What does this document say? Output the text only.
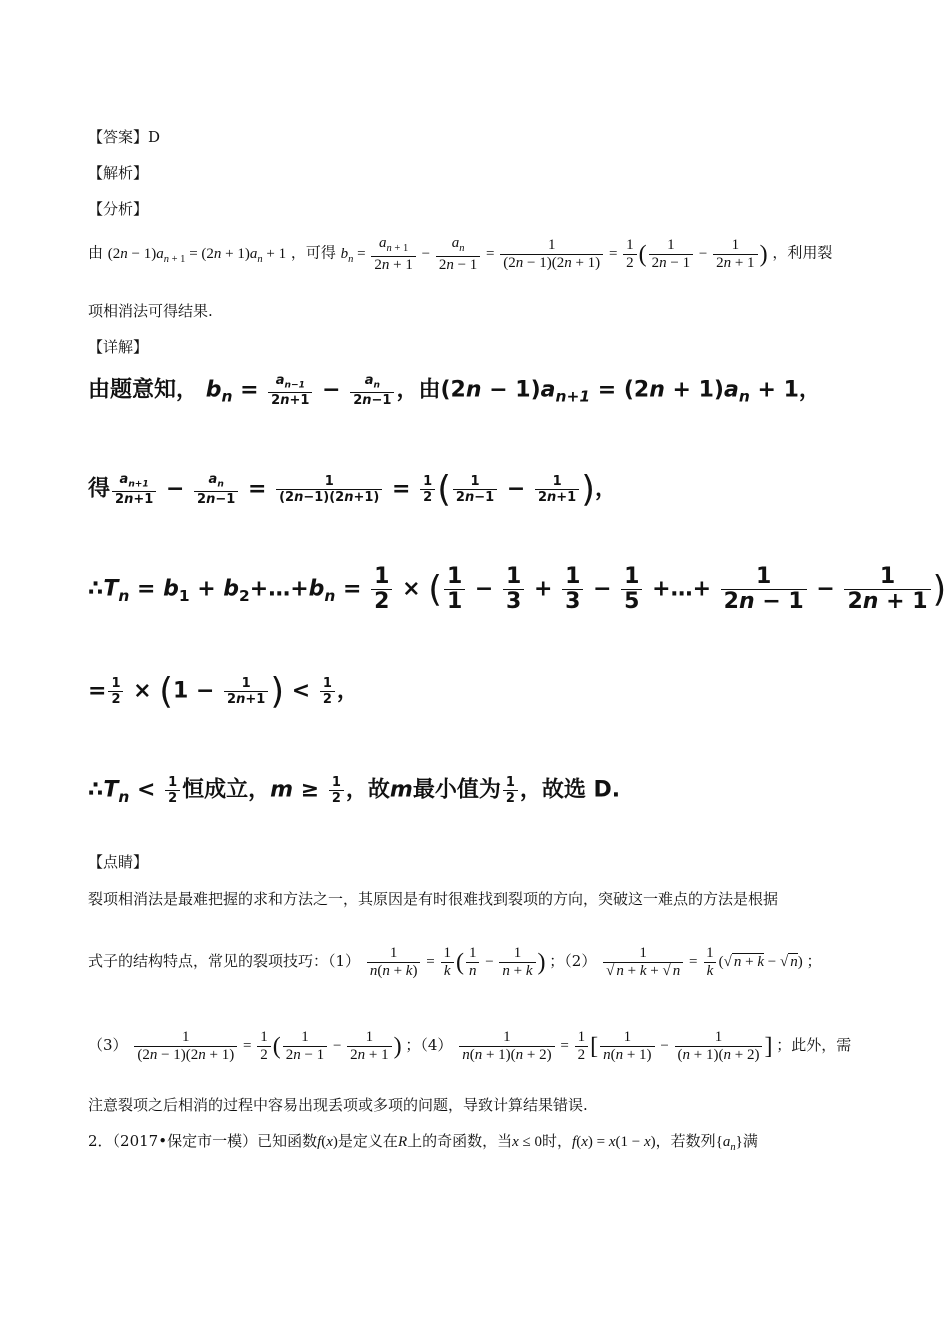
【答案】D
【解析】
【分析】
由 $(2n - 1)a_{n + 1} = (2n + 1)a_n + 1$ ，可得 $b_n = \frac{a_{n + 1}}{2n + 1} - \frac{a_n}{2n - 1} = \frac{1}{(2n - 1)(2n + 1)} = \frac{1}{2}$ ( $\frac{1}{2n - 1} - \frac{1}{2n + 1}$ ) ，利用裂
项相消法可得结果.
【详解】
由题意知， $b_n = \frac{a_{n-1}}{2n+1} - \frac{a_n}{2n-1}$ ，由$(2n - 1)a_{n+1} = (2n + 1)a_n + 1$，
得 $\frac{a_{n+1}}{2n+1} - \frac{a_n}{2n-1} = \frac{1}{(2n-1)(2n+1)} = \frac{1}{2}$ ( $\frac{1}{2n-1} - \frac{1}{2n+1}$ )，
$\therefore T_n = b_1$ + $b_2+\dots+b_n = \frac{1}{2}$ × ( $\frac{1}{1} - \frac{1}{3} + \frac{1}{3} - \frac{1}{5}$ +…+ $\frac{1}{2n - 1} - \frac{1}{2n + 1}$ )
= $\frac{1}{2} \times (1 - \frac{1}{2n+1}$ ) < $\frac{1}{2}$ ，
$\therefore T_n < \frac{1}{2}$ 恒成立，$m \ge \frac{1}{2}$ ，故m最小值为 $\frac{1}{2}$ ，故选 D.
【点睛】
裂项相消法是最难把握的求和方法之一，其原因是有时很难找到裂项的方向，突破这一难点的方法是根据
式子的结构特点，常见的裂项技巧：$(1) \frac{1}{n(n + k)} = \frac{1}{k}$ ( $\frac{1}{n} - \frac{1}{n + k}$ ) ；$(2) \frac{1}{√ n + k + √ n} = \frac{1}{k}$ (√ n + k − √ n) ；
$(3) \frac{1}{(2n - 1)(2n + 1)} = \frac{1}{2}$ ( $\frac{1}{2n - 1} - \frac{1}{2n + 1}$ ) ；$(4) \frac{1}{n(n + 1)(n + 2)} = \frac{1}{2}$ [ $\frac{1}{n(n + 1)} - \frac{1}{(n + 1)(n + 2)}$ ] ；此外，需
注意裂项之后相消的过程中容易出现丢项或多项的问题，导致计算结果错误.
2．（2017•保定市一模）已知函数f(x)是定义在R上的奇函数，当x ≤ 0时，f(x) = x(1 − x)，若数列$\{a_n\}$满
